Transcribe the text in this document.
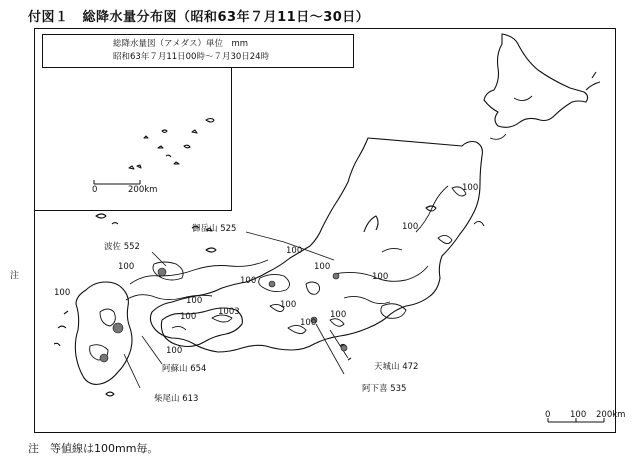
付図１ 総降水量分布図（昭和63年７月11日～30日）
総降水量図（アメダス）単位　mm
昭和63年７月11日00時～７月30日24時
0	200km
0 100 200km
100
100
100
100
100
100
100
100
100
100
100
100
100
100
1003
御岳山 525
波佐 552
阿蘇山 654
柴尾山 613
天城山 472
阿下喜 535
注
注　等値線は100mm毎。
